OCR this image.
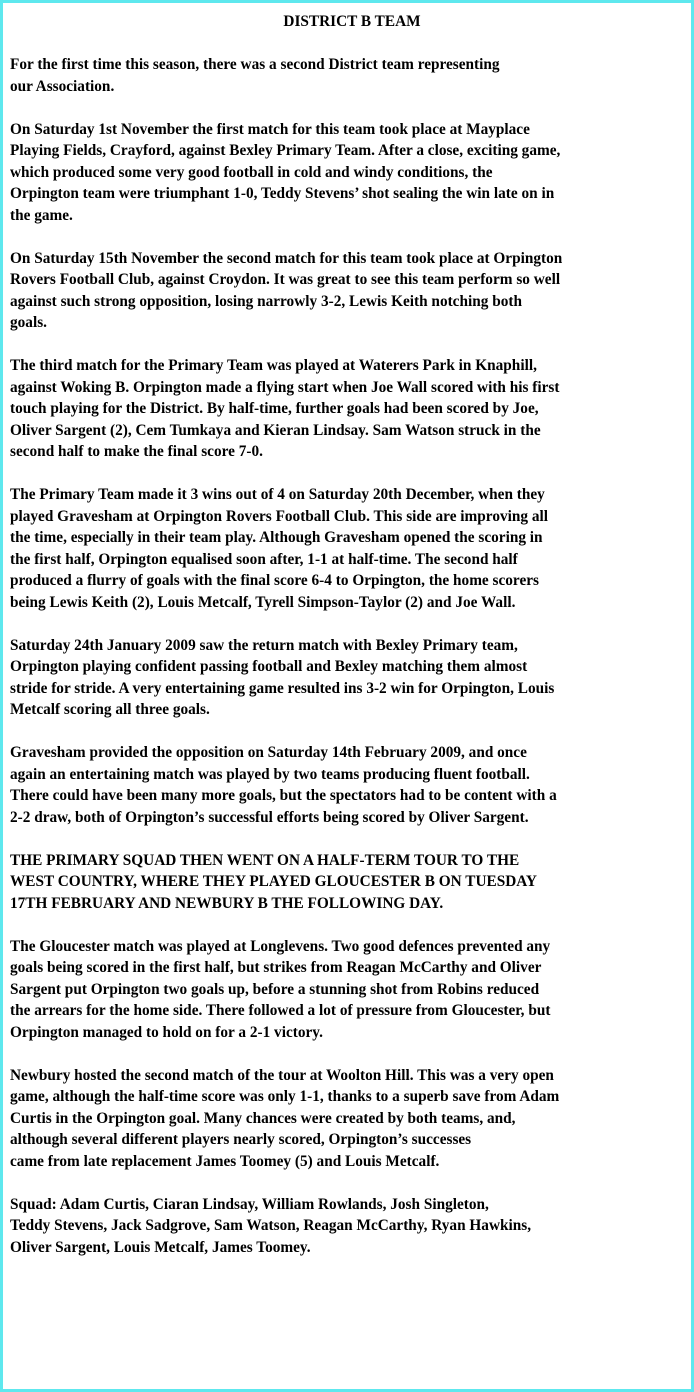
DISTRICT B TEAM
For the first time this season, there was a second District team representing
our Association.
On Saturday 1st November the first match for this team took place at Mayplace
Playing Fields, Crayford, against Bexley Primary Team. After a close, exciting game,
which produced some very good football in cold and windy conditions, the
Orpington team were triumphant 1-0, Teddy Stevens’ shot sealing the win late on in
the game.
On Saturday 15th November the second match for this team took place at Orpington
Rovers Football Club, against Croydon. It was great to see this team perform so well
against such strong opposition, losing narrowly 3-2, Lewis Keith notching both
goals.
The third match for the Primary Team was played at Waterers Park in Knaphill,
against Woking B. Orpington made a flying start when Joe Wall scored with his first
touch playing for the District. By half-time, further goals had been scored by Joe,
Oliver Sargent (2), Cem Tumkaya and Kieran Lindsay. Sam Watson struck in the
second half to make the final score 7-0.
The Primary Team made it 3 wins out of 4 on Saturday 20th December, when they
played Gravesham at Orpington Rovers Football Club. This side are improving all
the time, especially in their team play. Although Gravesham opened the scoring in
the first half, Orpington equalised soon after, 1-1 at half-time. The second half
produced a flurry of goals with the final score 6-4 to Orpington, the home scorers
being Lewis Keith (2), Louis Metcalf, Tyrell Simpson-Taylor (2) and Joe Wall.
Saturday 24th January 2009 saw the return match with Bexley Primary team,
Orpington playing confident passing football and Bexley matching them almost
stride for stride. A very entertaining game resulted ins 3-2 win for Orpington, Louis
Metcalf scoring all three goals.
Gravesham provided the opposition on Saturday 14th February 2009, and once
again an entertaining match was played by two teams producing fluent football.
There could have been many more goals, but the spectators had to be content with a
2-2 draw, both of Orpington’s successful efforts being scored by Oliver Sargent.
THE PRIMARY SQUAD THEN WENT ON A HALF-TERM TOUR TO THE
WEST COUNTRY, WHERE THEY PLAYED GLOUCESTER B ON TUESDAY
17TH FEBRUARY AND NEWBURY B THE FOLLOWING DAY.
The Gloucester match was played at Longlevens. Two good defences prevented any
goals being scored in the first half, but strikes from Reagan McCarthy and Oliver
Sargent put Orpington two goals up, before a stunning shot from Robins reduced
the arrears for the home side. There followed a lot of pressure from Gloucester, but
Orpington managed to hold on for a 2-1 victory.
Newbury hosted the second match of the tour at Woolton Hill. This was a very open
game, although the half-time score was only 1-1, thanks to a superb save from Adam
Curtis in the Orpington goal. Many chances were created by both teams, and,
although several different players nearly scored, Orpington’s successes
came from late replacement James Toomey (5) and Louis Metcalf.
Squad: Adam Curtis, Ciaran Lindsay, William Rowlands, Josh Singleton,
Teddy Stevens, Jack Sadgrove, Sam Watson, Reagan McCarthy, Ryan Hawkins,
Oliver Sargent, Louis Metcalf, James Toomey.
